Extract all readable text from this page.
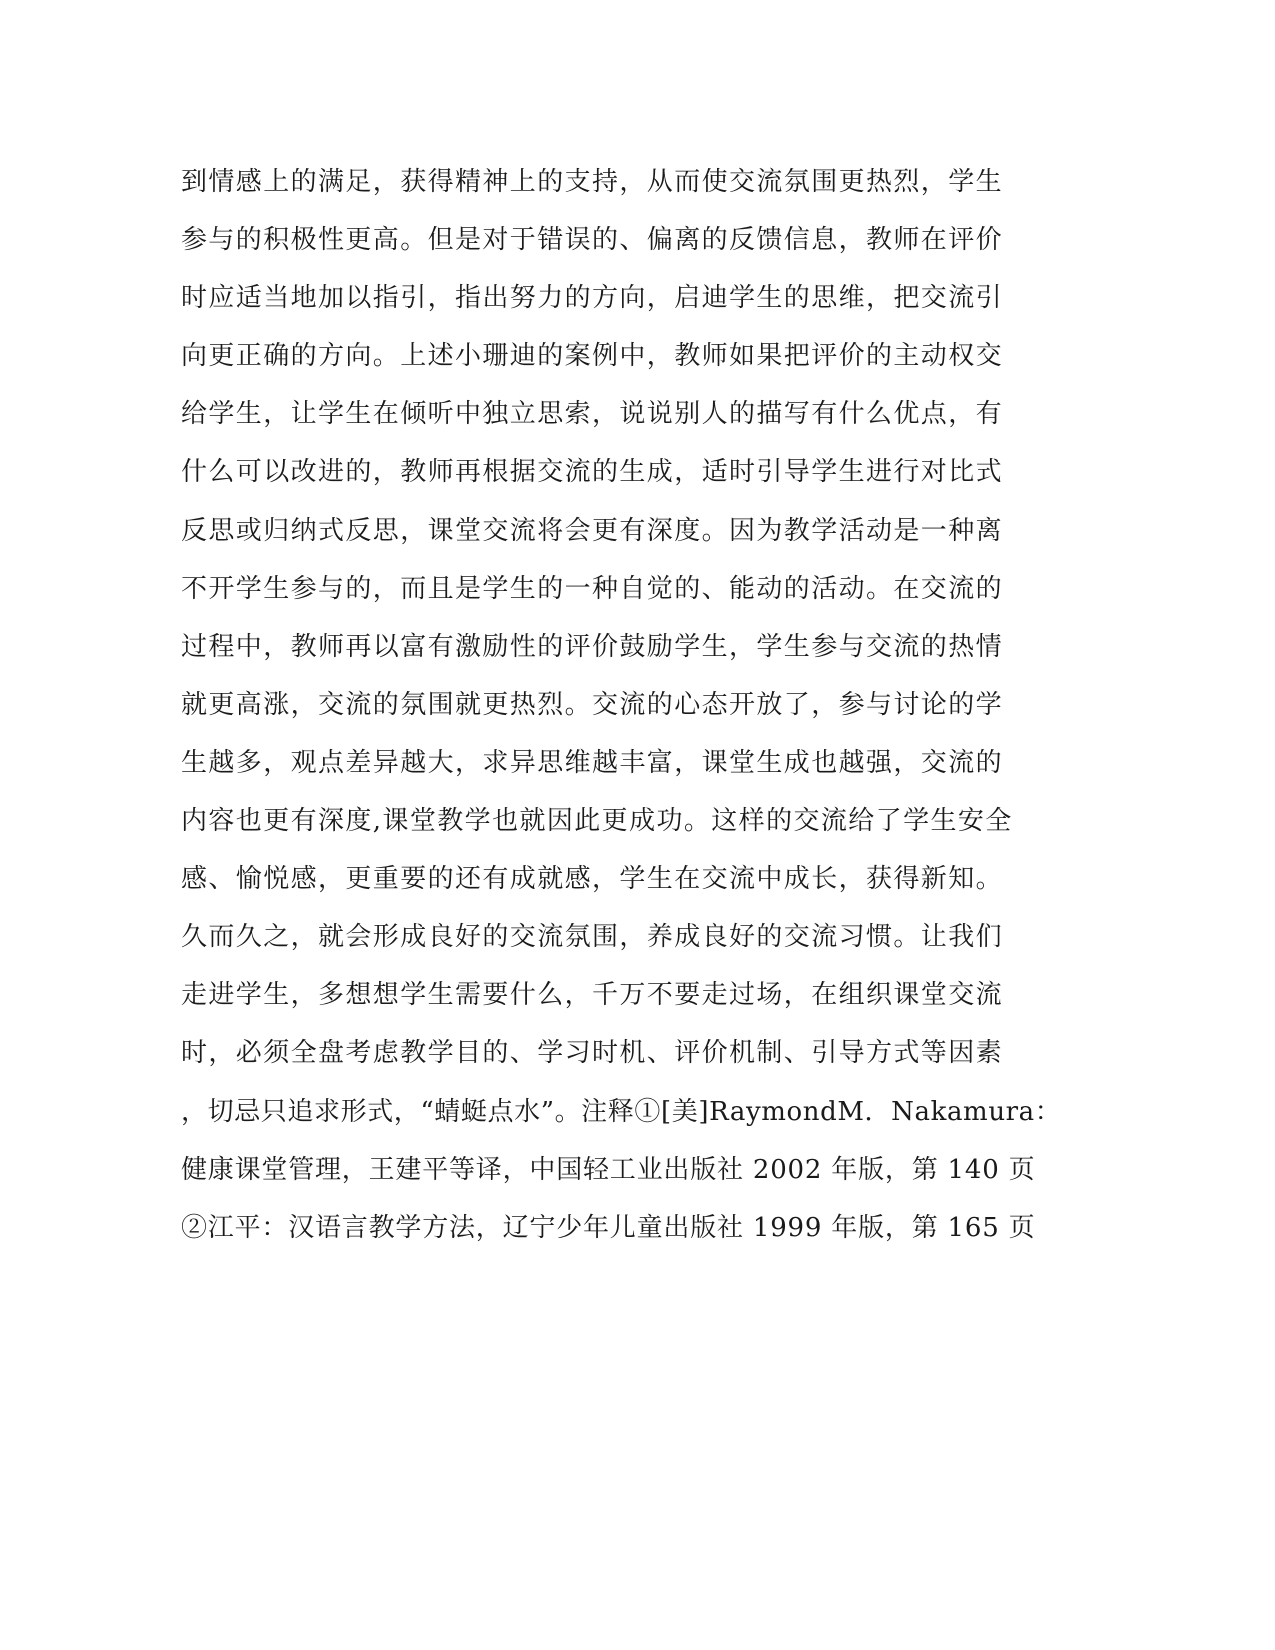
到情感上的满足，获得精神上的支持，从而使交流氛围更热烈，学生
参与的积极性更高。但是对于错误的、偏离的反馈信息，教师在评价
时应适当地加以指引，指出努力的方向，启迪学生的思维，把交流引
向更正确的方向。上述小珊迪的案例中，教师如果把评价的主动权交
给学生，让学生在倾听中独立思索，说说别人的描写有什么优点，有
什么可以改进的，教师再根据交流的生成，适时引导学生进行对比式
反思或归纳式反思，课堂交流将会更有深度。因为教学活动是一种离
不开学生参与的，而且是学生的一种自觉的、能动的活动。在交流的
过程中，教师再以富有激励性的评价鼓励学生，学生参与交流的热情
就更高涨，交流的氛围就更热烈。交流的心态开放了，参与讨论的学
生越多，观点差异越大，求异思维越丰富，课堂生成也越强，交流的
内容也更有深度,课堂教学也就因此更成功。这样的交流给了学生安全
感、愉悦感，更重要的还有成就感，学生在交流中成长，获得新知。
久而久之，就会形成良好的交流氛围，养成良好的交流习惯。让我们
走进学生，多想想学生需要什么，千万不要走过场，在组织课堂交流
时，必须全盘考虑教学目的、学习时机、评价机制、引导方式等因素
，切忌只追求形式，“蜻蜓点水”。注释①[美]RaymondM．Nakamura：
健康课堂管理，王建平等译，中国轻工业出版社 2002 年版，第 140 页
②江平：汉语言教学方法，辽宁少年儿童出版社 1999 年版，第 165 页
